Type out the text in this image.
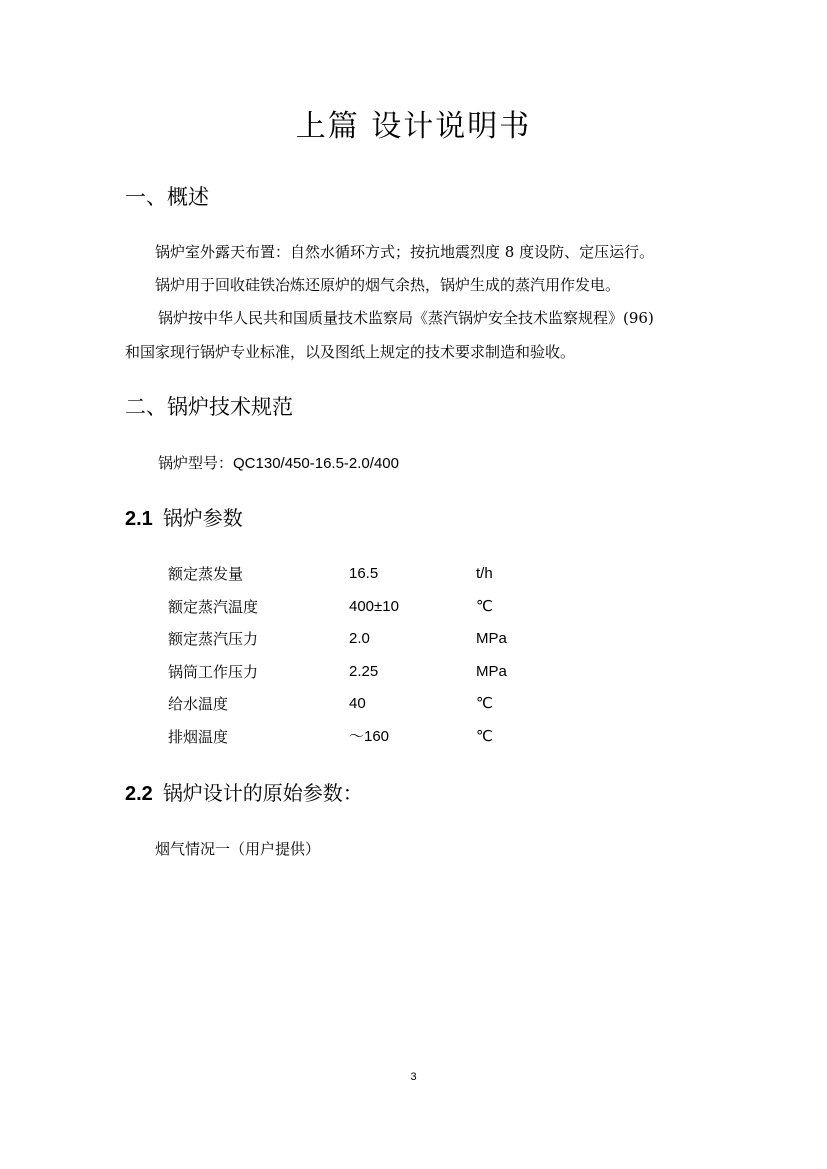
上篇 设计说明书
一、概述
锅炉室外露天布置：自然水循环方式；按抗地震烈度 8 度设防、定压运行。
锅炉用于回收硅铁冶炼还原炉的烟气余热，锅炉生成的蒸汽用作发电。
锅炉按中华人民共和国质量技术监察局《蒸汽锅炉安全技术监察规程》(96)
和国家现行锅炉专业标准，以及图纸上规定的技术要求制造和验收。
二、锅炉技术规范
锅炉型号：QC130/450-16.5-2.0/400
2.1 锅炉参数
额定蒸发量	16.5	t/h
额定蒸汽温度	400±10	℃
额定蒸汽压力	2.0	MPa
锅筒工作压力	2.25	MPa
给水温度	40	℃
排烟温度	～160	℃
2.2 锅炉设计的原始参数：
烟气情况一（用户提供）
3
